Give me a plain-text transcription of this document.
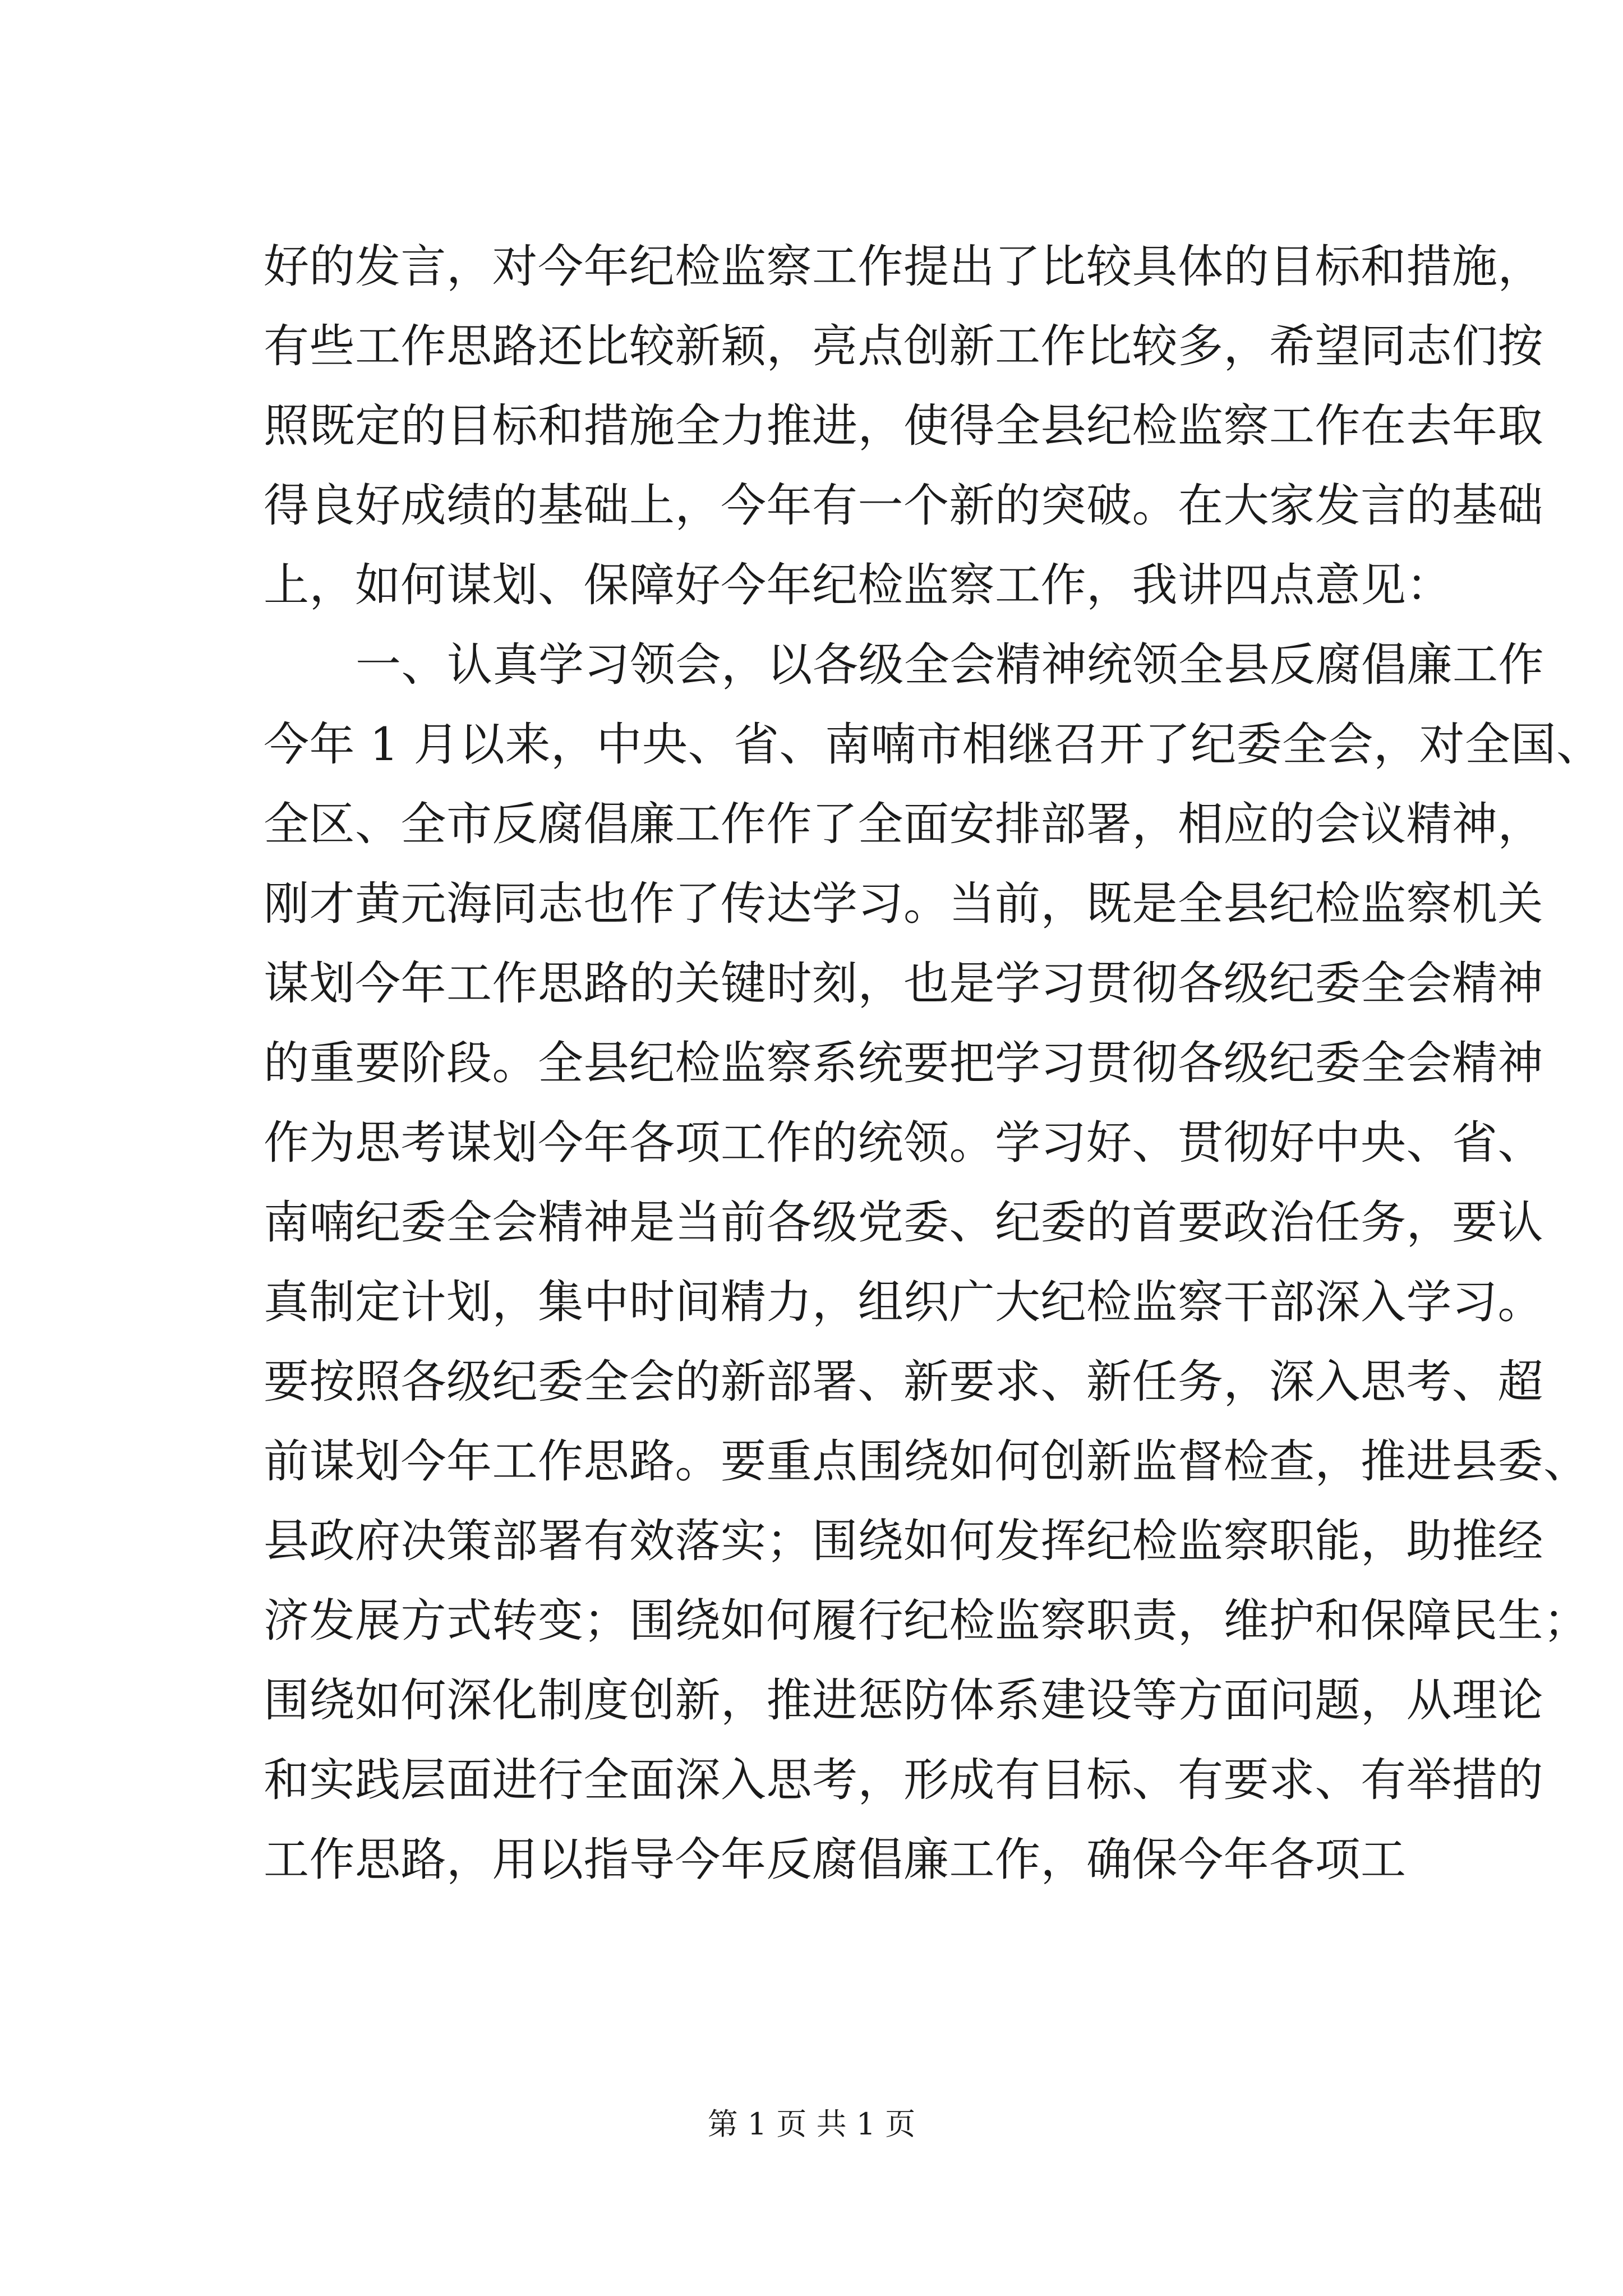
好的发言，对今年纪检监察工作提出了比较具体的目标和措施，
有些工作思路还比较新颖，亮点创新工作比较多，希望同志们按
照既定的目标和措施全力推进，使得全县纪检监察工作在去年取
得良好成绩的基础上，今年有一个新的突破。在大家发言的基础
上，如何谋划、保障好今年纪检监察工作，我讲四点意见：
一、认真学习领会，以各级全会精神统领全县反腐倡廉工作
今年 1 月以来，中央、省、南喃市相继召开了纪委全会，对全国、
全区、全市反腐倡廉工作作了全面安排部署，相应的会议精神，
刚才黄元海同志也作了传达学习。当前，既是全县纪检监察机关
谋划今年工作思路的关键时刻，也是学习贯彻各级纪委全会精神
的重要阶段。全县纪检监察系统要把学习贯彻各级纪委全会精神
作为思考谋划今年各项工作的统领。学习好、贯彻好中央、省、
南喃纪委全会精神是当前各级党委、纪委的首要政治任务，要认
真制定计划，集中时间精力，组织广大纪检监察干部深入学习。
要按照各级纪委全会的新部署、新要求、新任务，深入思考、超
前谋划今年工作思路。要重点围绕如何创新监督检查，推进县委、
县政府决策部署有效落实；围绕如何发挥纪检监察职能，助推经
济发展方式转变；围绕如何履行纪检监察职责，维护和保障民生；
围绕如何深化制度创新，推进惩防体系建设等方面问题，从理论
和实践层面进行全面深入思考，形成有目标、有要求、有举措的
工作思路，用以指导今年反腐倡廉工作，确保今年各项工
第 1 页 共 1 页
